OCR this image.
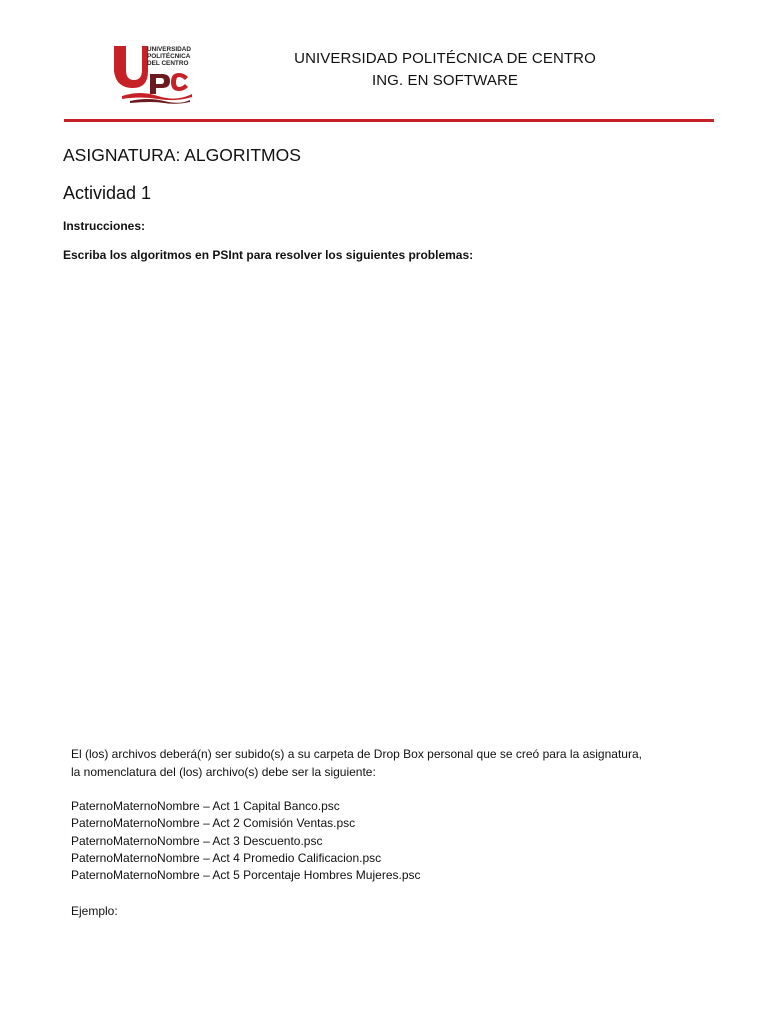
UNIVERSIDAD
POLITÉCNICA
DEL CENTRO	UNIVERSIDAD POLITÉCNICA DE CENTRO
ING. EN SOFTWARE
ASIGNATURA: ALGORITMOS
Actividad 1
Instrucciones:
Escriba los algoritmos en PSInt para resolver los siguientes problemas:
El (los) archivos deberá(n) ser subido(s) a su carpeta de Drop Box personal que se creó para la asignatura,
la nomenclatura del (los) archivo(s) debe ser la siguiente:
PaternoMaternoNombre – Act 1 Capital Banco.psc
PaternoMaternoNombre – Act 2 Comisión Ventas.psc
PaternoMaternoNombre – Act 3 Descuento.psc
PaternoMaternoNombre – Act 4 Promedio Calificacion.psc
PaternoMaternoNombre – Act 5 Porcentaje Hombres Mujeres.psc
Ejemplo:
